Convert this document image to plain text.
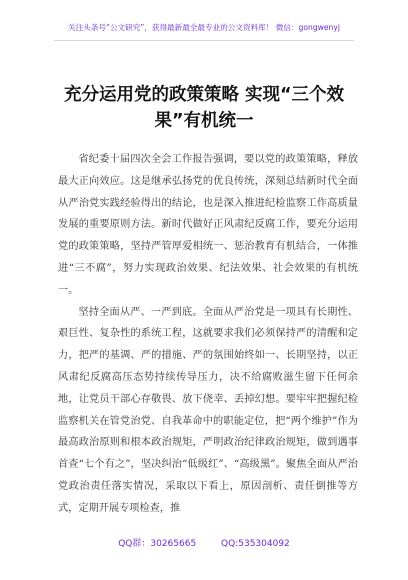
关注头条号“公文研究”，获得最新最全最专业的公文资料库！ 微信：gongwenyj
充分运用党的政策策略 实现“三个效
果”有机统一

省纪委十届四次全会工作报告强调，要以党的政策策略，释放最大正向效应。这是继承弘扬党的优良传统，深刻总结新时代全面从严治党实践经验得出的结论，也是深入推进纪检监察工作高质量发展的重要原则方法。新时代做好正风肃纪反腐工作，要充分运用党的政策策略，坚持严管厚爱相统一、惩治教育有机结合，一体推进“三不腐”，努力实现政治效果、纪法效果、社会效果的有机统一。

坚持全面从严、一严到底。全面从严治党是一项具有长期性、艰巨性、复杂性的系统工程，这就要求我们必须保持严的清醒和定力，把严的基调、严的措施、严的氛围始终如一、长期坚持，以正风肃纪反腐高压态势持续传导压力，决不给腐败滋生留下任何余地，让党员干部心存敬畏、放下侥幸、丢掉幻想。要牢牢把握纪检监察机关在管党治党、自我革命中的职能定位，把“两个维护”作为最高政治原则和根本政治规矩，严明政治纪律政治规矩，做到遇事首查“七个有之”，坚决纠治“低级红”、“高级黑”。聚焦全面从严治党政治责任落实情况，采取以下看上，原因剖析、责任倒推等方式，定期开展专项检查，推

QQ群：30265665	QQ:535304092
